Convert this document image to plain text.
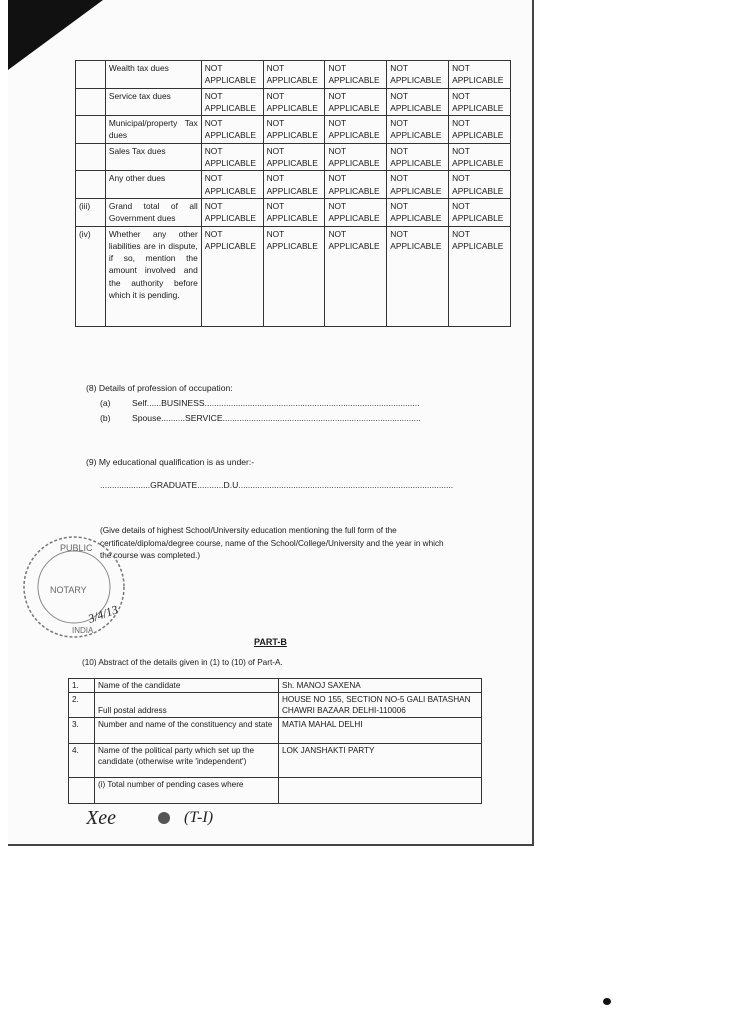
	Wealth tax dues	NOT APPLICABLE	NOT APPLICABLE	NOT APPLICABLE	NOT APPLICABLE	NOT APPLICABLE
	Service tax dues	NOT APPLICABLE	NOT APPLICABLE	NOT APPLICABLE	NOT APPLICABLE	NOT APPLICABLE
	Municipal/property Tax dues	NOT APPLICABLE	NOT APPLICABLE	NOT APPLICABLE	NOT APPLICABLE	NOT APPLICABLE
	Sales Tax dues	NOT APPLICABLE	NOT APPLICABLE	NOT APPLICABLE	NOT APPLICABLE	NOT APPLICABLE
	Any other dues	NOT APPLICABLE	NOT APPLICABLE	NOT APPLICABLE	NOT APPLICABLE	NOT APPLICABLE
(iii)	Grand total of all Government dues	NOT APPLICABLE	NOT APPLICABLE	NOT APPLICABLE	NOT APPLICABLE	NOT APPLICABLE
(iv)	Whether any other liabilities are in dispute, if so, mention the amount involved and the authority before which it is pending.	NOT APPLICABLE	NOT APPLICABLE	NOT APPLICABLE	NOT APPLICABLE	NOT APPLICABLE
(8) Details of profession of occupation:
(a) Self......BUSINESS..........................................................................................
(b) Spouse..........SERVICE...................................................................................
(9) My educational qualification is as under:-
.....................GRADUATE...........D.U..........................................................................................
(Give details of highest School/University education mentioning the full form of the
certificate/diploma/degree course, name of the School/College/University and the year in which
the course was completed.)
PART-B
(10) Abstract of the details given in (1) to (10) of Part-A.
1.	Name of the candidate	Sh. MANOJ SAXENA
2.	Full postal address	HOUSE NO 155, SECTION NO-5 GALI BATASHAN CHAWRI BAZAAR DELHI-110006
3.	Number and name of the constituency and state	MATIA MAHAL DELHI
4.	Name of the political party which set up the candidate (otherwise write 'independent')	LOK JANSHAKTI PARTY
	(i) Total number of pending cases where	
PUBLIC
NOTARY
INDIA
3/4/13
Xee	(T-I)
